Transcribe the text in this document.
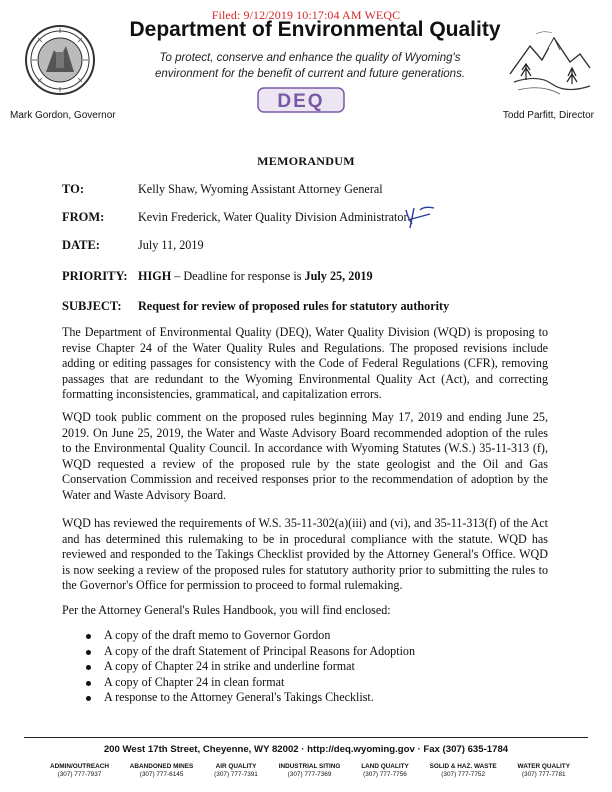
Filed: 9/12/2019 10:17:04 AM WEQC
Department of Environmental Quality
To protect, conserve and enhance the quality of Wyoming's
environment for the benefit of current and future generations.
DEQ
Mark Gordon, Governor	Todd Parfitt, Director
MEMORANDUM
TO:	Kelly Shaw, Wyoming Assistant Attorney General
FROM:	Kevin Frederick, Water Quality Division Administrator
DATE:	July 11, 2019
PRIORITY: HIGH – Deadline for response is July 25, 2019
SUBJECT: Request for review of proposed rules for statutory authority
The Department of Environmental Quality (DEQ), Water Quality Division (WQD) is proposing to revise Chapter 24 of the Water Quality Rules and Regulations. The proposed revisions include adding or editing passages for consistency with the Code of Federal Regulations (CFR), removing passages that are redundant to the Wyoming Environmental Quality Act (Act), and correcting formatting inconsistencies, grammatical, and capitalization errors.
WQD took public comment on the proposed rules beginning May 17, 2019 and ending June 25, 2019. On June 25, 2019, the Water and Waste Advisory Board recommended adoption of the rules to the Environmental Quality Council. In accordance with Wyoming Statutes (W.S.) 35-11-313 (f), WQD requested a review of the proposed rule by the state geologist and the Oil and Gas Conservation Commission and received responses prior to the recommendation of adoption by the Water and Waste Advisory Board.
WQD has reviewed the requirements of W.S. 35-11-302(a)(iii) and (vi), and 35-11-313(f) of the Act and has determined this rulemaking to be in procedural compliance with the statute. WQD has reviewed and responded to the Takings Checklist provided by the Attorney General's Office. WQD is now seeking a review of the proposed rules for statutory authority prior to submitting the rules to the Governor's Office for permission to proceed to formal rulemaking.
Per the Attorney General's Rules Handbook, you will find enclosed:
A copy of the draft memo to Governor Gordon
A copy of the draft Statement of Principal Reasons for Adoption
A copy of Chapter 24 in strike and underline format
A copy of Chapter 24 in clean format
A response to the Attorney General's Takings Checklist.
200 West 17th Street, Cheyenne, WY 82002 · http://deq.wyoming.gov · Fax (307) 635-1784
ADMIN/OUTREACH
(307) 777-7937
ABANDONED MINES
(307) 777-6145
AIR QUALITY
(307) 777-7391
INDUSTRIAL SITING
(307) 777-7369
LAND QUALITY
(307) 777-7756
SOLID & HAZ. WASTE
(307) 777-7752
WATER QUALITY
(307) 777-7781
